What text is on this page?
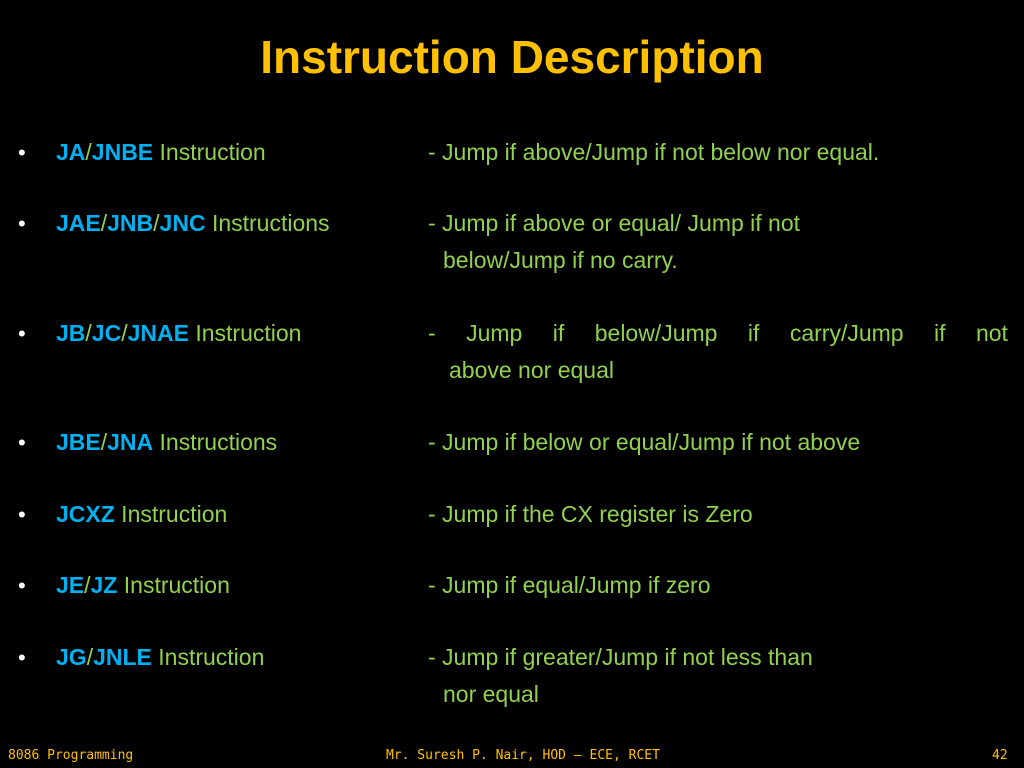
Instruction Description
• JA/JNBE Instruction	- Jump if above/Jump if not below nor equal.
• JAE/JNB/JNC Instructions	- Jump if above or equal/ Jump if not
below/Jump if no carry.
• JB/JC/JNAE Instruction	- Jump if below/Jump if carry/Jump if not
above nor equal
• JBE/JNA Instructions	- Jump if below or equal/Jump if not above
• JCXZ Instruction	- Jump if the CX register is Zero
• JE/JZ Instruction	- Jump if equal/Jump if zero
• JG/JNLE Instruction	- Jump if greater/Jump if not less than
nor equal
8086 Programming	Mr. Suresh P. Nair, HOD – ECE, RCET	42
